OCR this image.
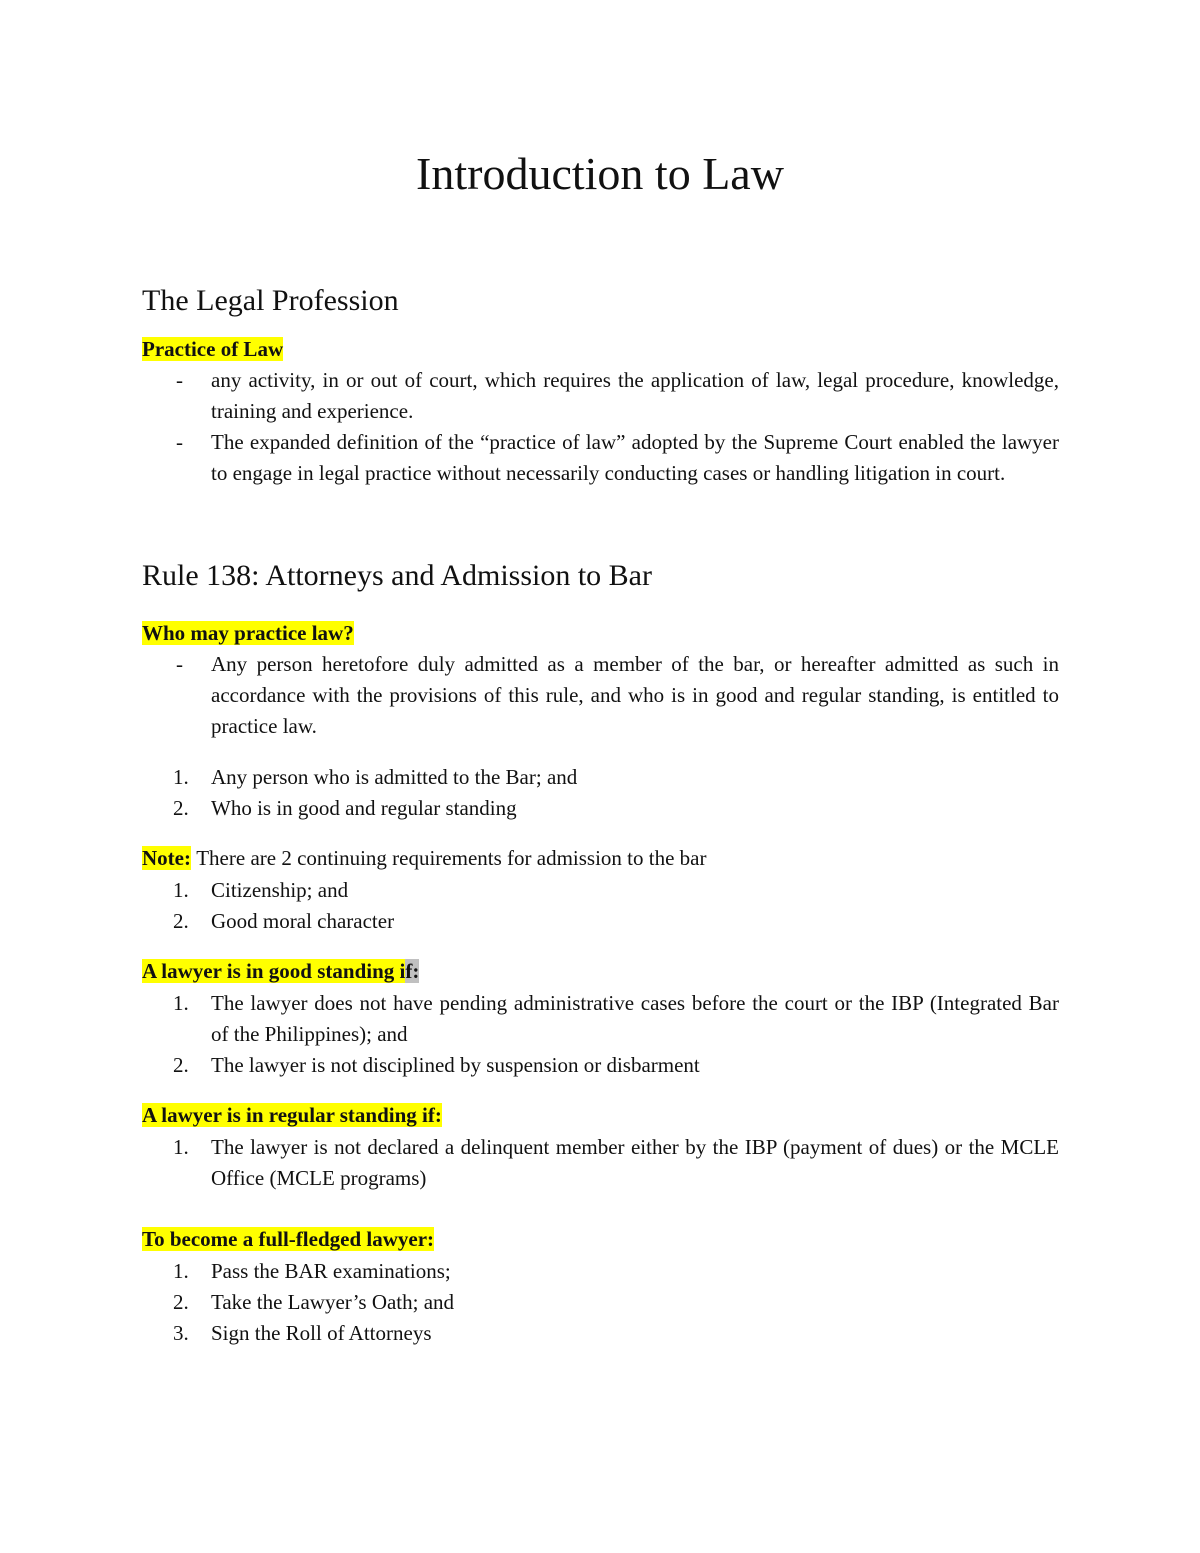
Introduction to Law
The Legal Profession
Practice of Law
- any activity, in or out of court, which requires the application of law, legal procedure, knowledge, training and experience.
- The expanded definition of the “practice of law” adopted by the Supreme Court enabled the lawyer to engage in legal practice without necessarily conducting cases or handling litigation in court.
Rule 138: Attorneys and Admission to Bar
Who may practice law?
- Any person heretofore duly admitted as a member of the bar, or hereafter admitted as such in accordance with the provisions of this rule, and who is in good and regular standing, is entitled to practice law.
1. Any person who is admitted to the Bar; and
2. Who is in good and regular standing
Note: There are 2 continuing requirements for admission to the bar
1. Citizenship; and
2. Good moral character
A lawyer is in good standing if:
1. The lawyer does not have pending administrative cases before the court or the IBP (Integrated Bar of the Philippines); and
2. The lawyer is not disciplined by suspension or disbarment
A lawyer is in regular standing if:
1. The lawyer is not declared a delinquent member either by the IBP (payment of dues) or the MCLE Office (MCLE programs)
To become a full-fledged lawyer:
1. Pass the BAR examinations;
2. Take the Lawyer’s Oath; and
3. Sign the Roll of Attorneys
